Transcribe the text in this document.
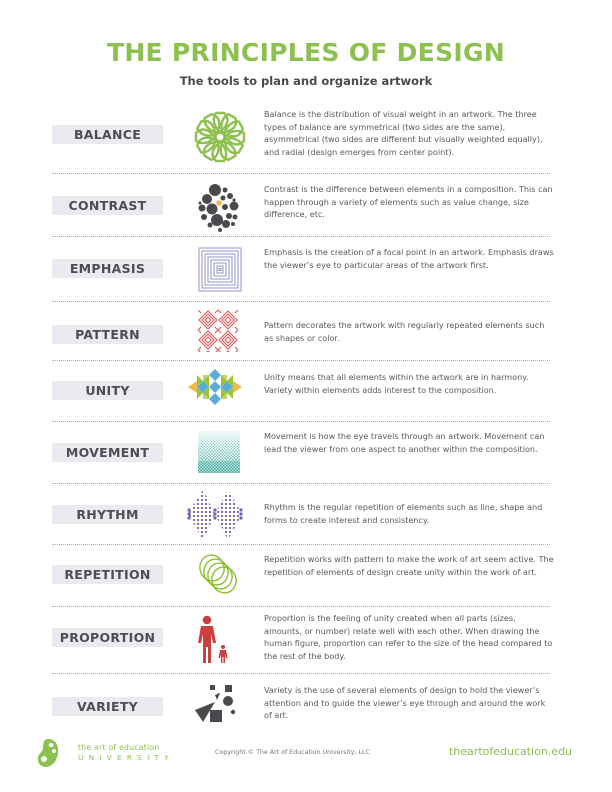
THE PRINCIPLES OF DESIGN
The tools to plan and organize artwork
BALANCE
Balance is the distribution of visual weight in an artwork. The three types of balance are symmetrical (two sides are the same), asymmetrical (two sides are different but visually weighted equally), and radial (design emerges from center point).
CONTRAST
Contrast is the difference between elements in a composition. This can happen through a variety of elements such as value change, size difference, etc.
EMPHASIS
Emphasis is the creation of a focal point in an artwork. Emphasis draws the viewer’s eye to particular areas of the artwork first.
PATTERN
Pattern decorates the artwork with regularly repeated elements such as shapes or color.
UNITY
Unity means that all elements within the artwork are in harmony. Variety within elements adds interest to the composition.
MOVEMENT
Movement is how the eye travels through an artwork. Movement can lead the viewer from one aspect to another within the composition.
RHYTHM	Rhythm is the regular repetition of elements such as line, shape and forms to create interest and consistency.
REPETITION
Repetition works with pattern to make the work of art seem active. The repetition of elements of design create unity within the work of art.
PROPORTION
Proportion is the feeling of unity created when all parts (sizes, amounts, or number) relate well with each other. When drawing the human figure, proportion can refer to the size of the head compared to the rest of the body.
VARIETY
Variety is the use of several elements of design to hold the viewer’s attention and to guide the viewer’s eye through and around the work of art.
the art of education
UNIVERSITY
Copyright © The Art of Education University, LLC	theartofeducation.edu
